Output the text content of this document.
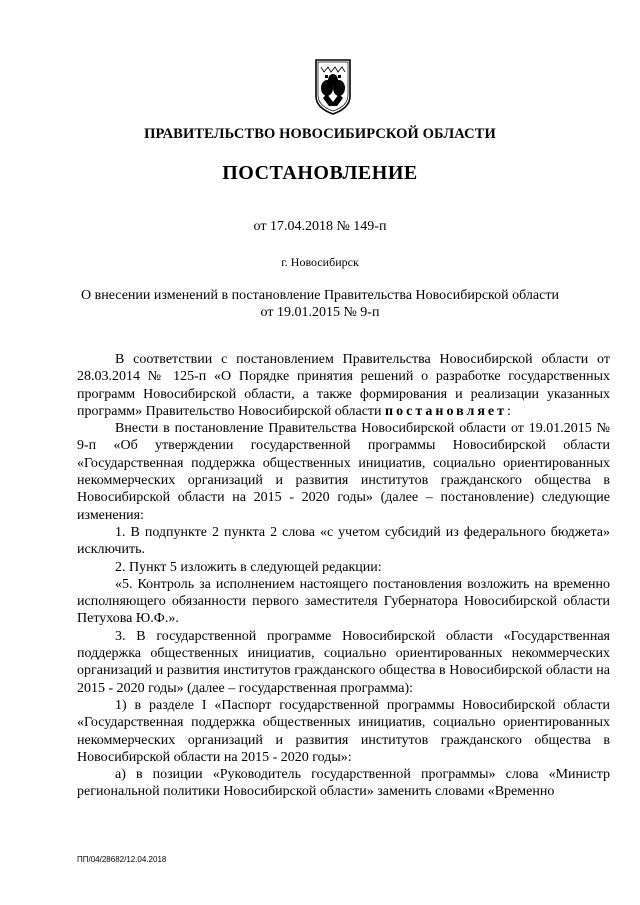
ПРАВИТЕЛЬСТВО НОВОСИБИРСКОЙ ОБЛАСТИ
ПОСТАНОВЛЕНИЕ
от 17.04.2018 № 149-п
г. Новосибирск
О внесении изменений в постановление Правительства Новосибирской области
от 19.01.2015 № 9-п

В соответствии с постановлением Правительства Новосибирской области от 28.03.2014 № 125-п «О Порядке принятия решений о разработке государственных программ Новосибирской области, а также формирования и реализации указанных программ» Правительство Новосибирской области постановляет:

Внести в постановление Правительства Новосибирской области от 19.01.2015 № 9-п «Об утверждении государственной программы Новосибирской области «Государственная поддержка общественных инициатив, социально ориентированных некоммерческих организаций и развития институтов гражданского общества в Новосибирской области на 2015 - 2020 годы» (далее – постановление) следующие изменения:

1. В подпункте 2 пункта 2 слова «с учетом субсидий из федерального бюджета» исключить.

2. Пункт 5 изложить в следующей редакции:

«5. Контроль за исполнением настоящего постановления возложить на временно исполняющего обязанности первого заместителя Губернатора Новосибирской области Петухова Ю.Ф.».

3. В государственной программе Новосибирской области «Государственная поддержка общественных инициатив, социально ориентированных некоммерческих организаций и развития институтов гражданского общества в Новосибирской области на 2015 - 2020 годы» (далее – государственная программа):

1) в разделе I «Паспорт государственной программы Новосибирской области «Государственная поддержка общественных инициатив, социально ориентированных некоммерческих организаций и развития институтов гражданского общества в Новосибирской области на 2015 - 2020 годы»:

а) в позиции «Руководитель государственной программы» слова «Министр региональной политики Новосибирской области» заменить словами «Временно

ПП/04/28682/12.04.2018
